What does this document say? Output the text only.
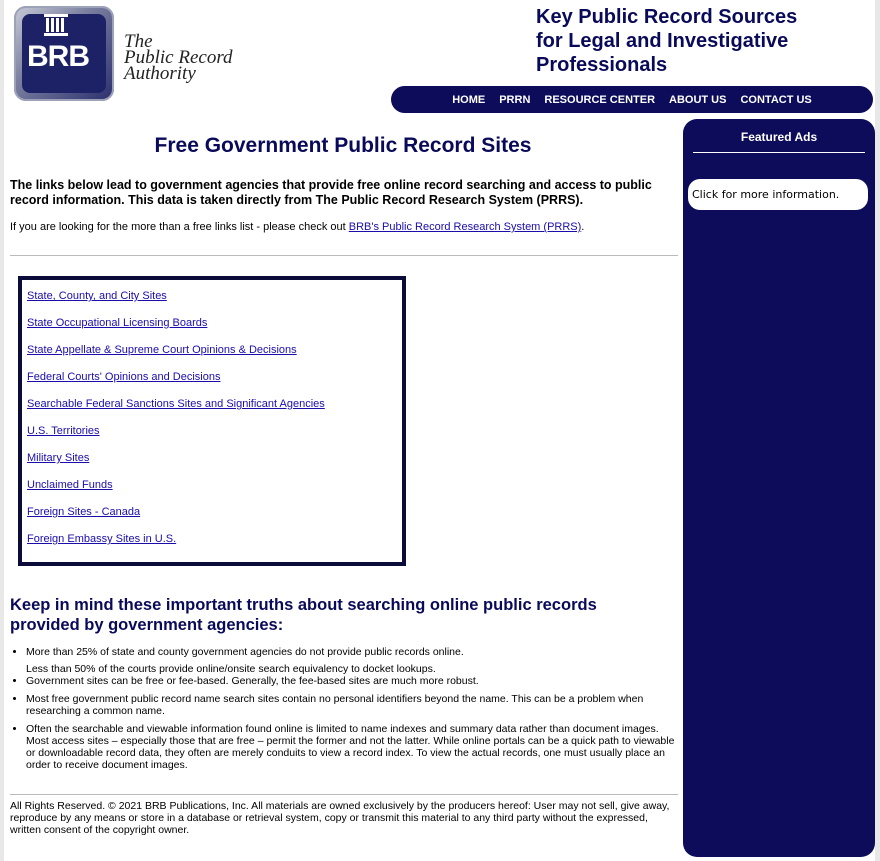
BRB	The
Public Record
Authority
Key Public Record Sources
for Legal and Investigative
Professionals
HOME PRRN RESOURCE CENTER ABOUT US CONTACT US
Featured Ads
Click for more information.
Free Government Public Record Sites
The links below lead to government agencies that provide free online record searching and access to public record information. This data is taken directly from The Public Record Research System (PRRS).
If you are looking for the more than a free links list - please check out BRB's Public Record Research System (PRRS).
State, County, and City Sites
State Occupational Licensing Boards
State Appellate & Supreme Court Opinions & Decisions
Federal Courts' Opinions and Decisions
Searchable Federal Sanctions Sites and Significant Agencies
U.S. Territories
Military Sites
Unclaimed Funds
Foreign Sites - Canada
Foreign Embassy Sites in U.S.
Keep in mind these important truths about searching online public records provided by government agencies:

• More than 25% of state and county government agencies do not provide public records online.

Less than 50% of the courts provide online/onsite search equivalency to docket lookups.

• Government sites can be free or fee-based. Generally, the fee-based sites are much more robust.

• Most free government public record name search sites contain no personal identifiers beyond the name. This can be a problem when researching a common name.

• Often the searchable and viewable information found online is limited to name indexes and summary data rather than document images. Most access sites – especially those that are free – permit the former and not the latter. While online portals can be a quick path to viewable or downloadable record data, they often are merely conduits to view a record index. To view the actual records, one must usually place an order to receive document images.

All Rights Reserved. © 2021 BRB Publications, Inc. All materials are owned exclusively by the producers hereof: User may not sell, give away, reproduce by any means or store in a database or retrieval system, copy or transmit this material to any third party without the expressed, written consent of the copyright owner.
